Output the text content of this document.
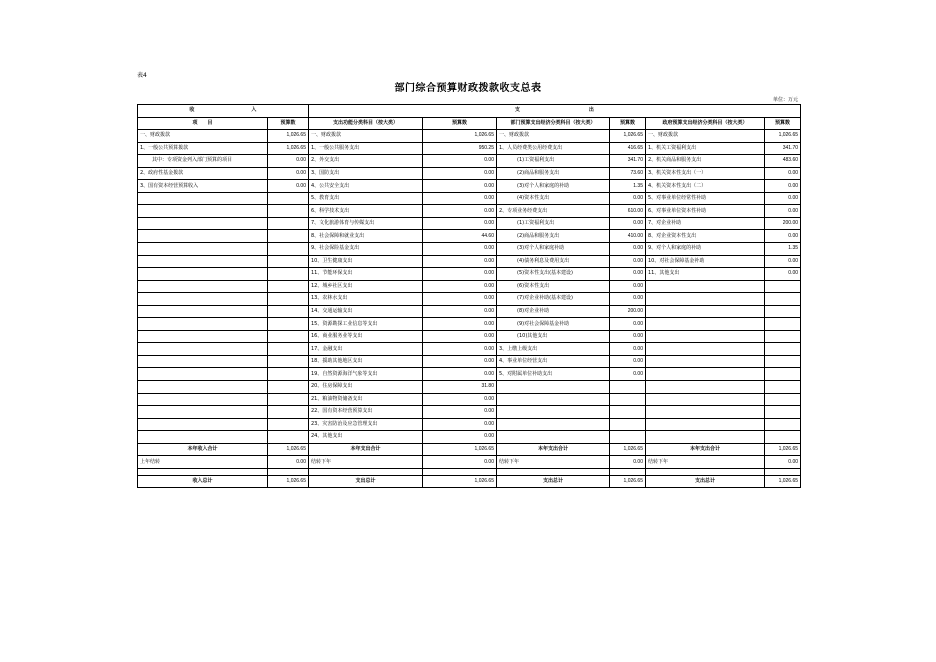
表4
部门综合预算财政拨款收支总表
单位：万元
收 入		支 出					
项　　目	预算数	支出功能分类科目（按大类）	预算数	部门预算支出经济分类科目（按大类）	预算数	政府预算支出经济分类科目（按大类）	预算数
一、财政拨款	1,026.65	一、财政拨款	1,026.65	一、财政拨款	1,026.65	一、财政拨款	1,026.65
1、一般公共预算拨款	1,026.65	1、一般公共服务支出	950.25	1、人员经费类公用经费支出	416.65	1、机关工资福利支出	341.70
其中：专项资金列入部门预算的项目	0.00	2、外交支出	0.00	(1)工资福利支出	341.70	2、机关商品和服务支出	483.60
2、政府性基金拨款	0.00	3、国防支出	0.00	(2)商品和服务支出	73.60	3、机关资本性支出（一）	0.00
3、国有资本经营预算收入	0.00	4、公共安全支出	0.00	(3)对个人和家庭的补助	1.35	4、机关资本性支出（二）	0.00
		5、教育支出	0.00	(4)资本性支出	0.00	5、对事业单位经常性补助	0.00
		6、科学技术支出	0.00	2、专项业务经费支出	610.00	6、对事业单位资本性补助	0.00
		7、文化旅游体育与传媒支出	0.00	(1)工资福利支出	0.00	7、对企业补助	200.00
		8、社会保障和就业支出	44.60	(2)商品和服务支出	410.00	8、对企业资本性支出	0.00
		9、社会保险基金支出	0.00	(3)对个人和家庭补助	0.00	9、对个人和家庭的补助	1.35
		10、卫生健康支出	0.00	(4)债务利息及费用支出	0.00	10、对社会保障基金补助	0.00
		11、节能环保支出	0.00	(5)资本性支出(基本建设)	0.00	11、其他支出	0.00
		12、城乡社区支出	0.00	(6)资本性支出	0.00		
		13、农林水支出	0.00	(7)对企业补助(基本建设)	0.00		
		14、交通运输支出	0.00	(8)对企业补助	200.00		
		15、资源勘探工业信息等支出	0.00	(9)对社会保障基金补助	0.00		
		16、商业服务业等支出	0.00	(10)其他支出	0.00		
		17、金融支出	0.00	3、上缴上级支出	0.00		
		18、援助其他地区支出	0.00	4、事业单位经营支出	0.00		
		19、自然资源海洋气象等支出	0.00	5、对附属单位补助支出	0.00		
		20、住房保障支出	31.80				
		21、粮油物资储备支出	0.00				
		22、国有资本经营预算支出	0.00				
		23、灾害防治及应急管理支出	0.00				
		24、其他支出	0.00				
本年收入合计	1,026.65	本年支出合计	1,026.65	本年支出合计	1,026.65	本年支出合计	1,026.65
上年结转	0.00	结转下年	0.00	结转下年	0.00	结转下年	0.00

收入总计	1,026.65	支出总计	1,026.65	支出总计	1,026.65	支出总计	1,026.65
